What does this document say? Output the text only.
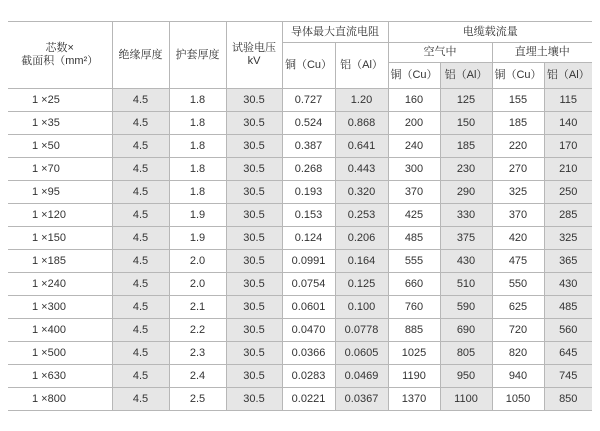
芯数×
截面积（mm²）	绝缘厚度	护套厚度	试验电压
kV	导体最大直流电阻		电缆载流量			
				铜（Cu）	铝（Al）	空气中		直埋土壤中	
						铜（Cu）	铝（Al）	铜（Cu）	铝（Al）
1 ×25	4.5	1.8	30.5	0.727	1.20	160	125	155	115
1 ×35	4.5	1.8	30.5	0.524	0.868	200	150	185	140
1 ×50	4.5	1.8	30.5	0.387	0.641	240	185	220	170
1 ×70	4.5	1.8	30.5	0.268	0.443	300	230	270	210
1 ×95	4.5	1.8	30.5	0.193	0.320	370	290	325	250
1 ×120	4.5	1.9	30.5	0.153	0.253	425	330	370	285
1 ×150	4.5	1.9	30.5	0.124	0.206	485	375	420	325
1 ×185	4.5	2.0	30.5	0.0991	0.164	555	430	475	365
1 ×240	4.5	2.0	30.5	0.0754	0.125	660	510	550	430
1 ×300	4.5	2.1	30.5	0.0601	0.100	760	590	625	485
1 ×400	4.5	2.2	30.5	0.0470	0.0778	885	690	720	560
1 ×500	4.5	2.3	30.5	0.0366	0.0605	1025	805	820	645
1 ×630	4.5	2.4	30.5	0.0283	0.0469	1190	950	940	745
1 ×800	4.5	2.5	30.5	0.0221	0.0367	1370	1100	1050	850
